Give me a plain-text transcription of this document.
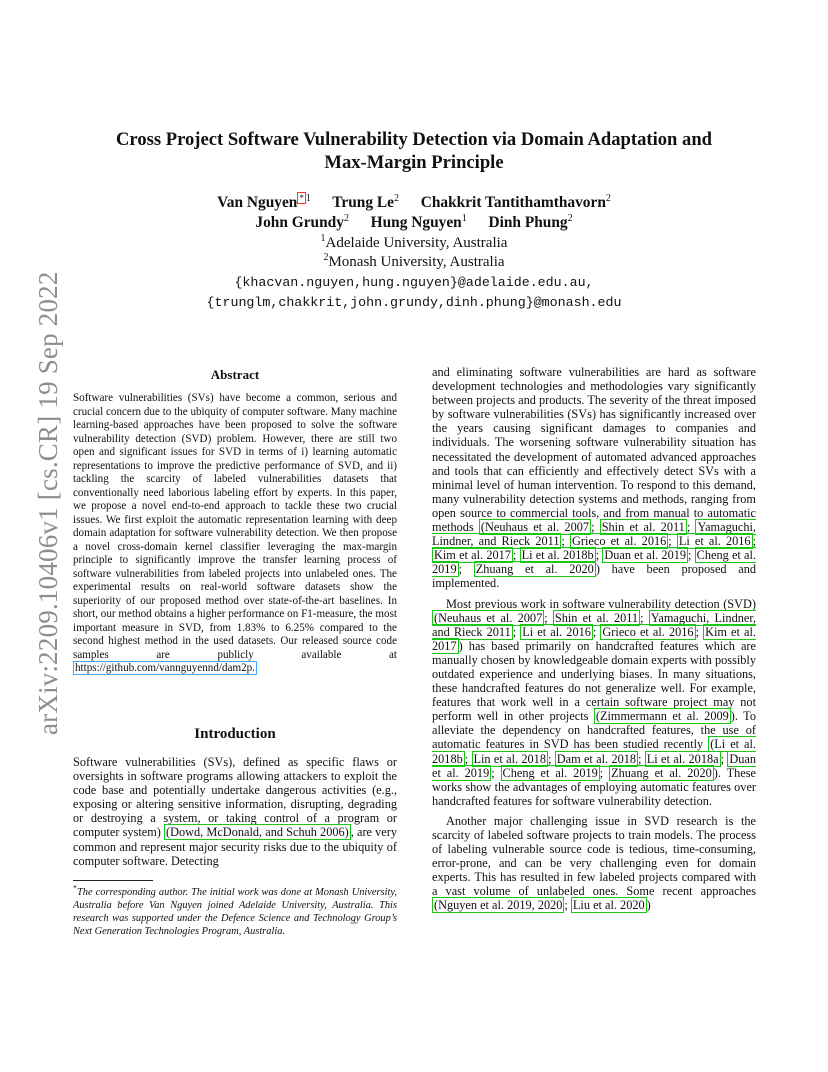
arXiv:2209.10406v1 [cs.CR] 19 Sep 2022
Cross Project Software Vulnerability Detection via Domain Adaptation and
Max-Margin Principle
Van Nguyen * $^1$ Trung Le$^2$ Chakkrit Tantithamthavorn$^2$
John Grundy$^2$ Hung Nguyen$^1$ Dinh Phung$^2$
$^1$Adelaide University, Australia
$^2$Monash University, Australia
{khacvan.nguyen,hung.nguyen}@adelaide.edu.au,
{trunglm,chakkrit,john.grundy,dinh.phung}@monash.edu
Abstract
Software vulnerabilities (SVs) have become a common, serious and crucial concern due to the ubiquity of computer software. Many machine learning-based approaches have been proposed to solve the software vulnerability detection (SVD) problem. However, there are still two open and significant issues for SVD in terms of i) learning automatic representations to improve the predictive performance of SVD, and ii) tackling the scarcity of labeled vulnerabilities datasets that conventionally need laborious labeling effort by experts. In this paper, we propose a novel end-to-end approach to tackle these two crucial issues. We first exploit the automatic representation learning with deep domain adaptation for software vulnerability detection. We then propose a novel cross-domain kernel classifier leveraging the max-margin principle to significantly improve the transfer learning process of software vulnerabilities from labeled projects into unlabeled ones. The experimental results on real-world software datasets show the superiority of our proposed method over state-of-the-art baselines. In short, our method obtains a higher performance on F1-measure, the most important measure in SVD, from 1.83% to 6.25% compared to the second highest method in the used datasets. Our released source code samples are publicly available at https://github.com/vannguyennd/dam2p.
Introduction

Software vulnerabilities (SVs), defined as specific flaws or oversights in software programs allowing attackers to exploit the code base and potentially undertake dangerous activities (e.g., exposing or altering sensitive information, disrupting, degrading or destroying a system, or taking control of a program or computer system) (Dowd, McDonald, and Schuh 2006) , are very common and represent major security risks due to the ubiquity of computer software. Detecting

*The corresponding author. The initial work was done at Monash University, Australia before Van Nguyen joined Adelaide University, Australia. This research was supported under the Defence Science and Technology Group’s Next Generation Technologies Program, Australia.

and eliminating software vulnerabilities are hard as software development technologies and methodologies vary significantly between projects and products. The severity of the threat imposed by software vulnerabilities (SVs) has significantly increased over the years causing significant damages to companies and individuals. The worsening software vulnerability situation has necessitated the development of automated advanced approaches and tools that can efficiently and effectively detect SVs with a minimal level of human intervention. To respond to this demand, many vulnerability detection systems and methods, ranging from open source to commercial tools, and from manual to automatic methods (Neuhaus et al. 2007 ; Shin et al. 2011 ; Yamaguchi, Lindner, and Rieck 2011 ; Grieco et al. 2016 ; Li et al. 2016 ; Kim et al. 2017 ; Li et al. 2018b ; Duan et al. 2019 ; Cheng et al. 2019 ; Zhuang et al. 2020 ) have been proposed and implemented.

Most previous work in software vulnerability detection (SVD)(Neuhaus et al. 2007 ; Shin et al. 2011 ; Yamaguchi, Lindner, and Rieck 2011 ; Li et al. 2016 ; Grieco et al. 2016 ; Kim et al. 2017 ) has based primarily on handcrafted features which are manually chosen by knowledgeable domain experts with possibly outdated experience and underlying biases. In many situations, these handcrafted features do not generalize well. For example, features that work well in a certain software project may not perform well in other projects (Zimmermann et al. 2009 ). To alleviate the dependency on handcrafted features, the use of automatic features in SVD has been studied recently (Li et al. 2018b ; Lin et al. 2018 ; Dam et al. 2018 ; Li et al. 2018a ; Duan et al. 2019 ; Cheng et al. 2019 ; Zhuang et al. 2020 ). These works show the advantages of employing automatic features over handcrafted features for software vulnerability detection.

Another major challenging issue in SVD research is the scarcity of labeled software projects to train models. The process of labeling vulnerable source code is tedious, time-consuming, error-prone, and can be very challenging even for domain experts. This has resulted in few labeled projects compared with a vast volume of unlabeled ones. Some recent approaches (Nguyen et al. 2019, 2020 ; Liu et al. 2020 )
